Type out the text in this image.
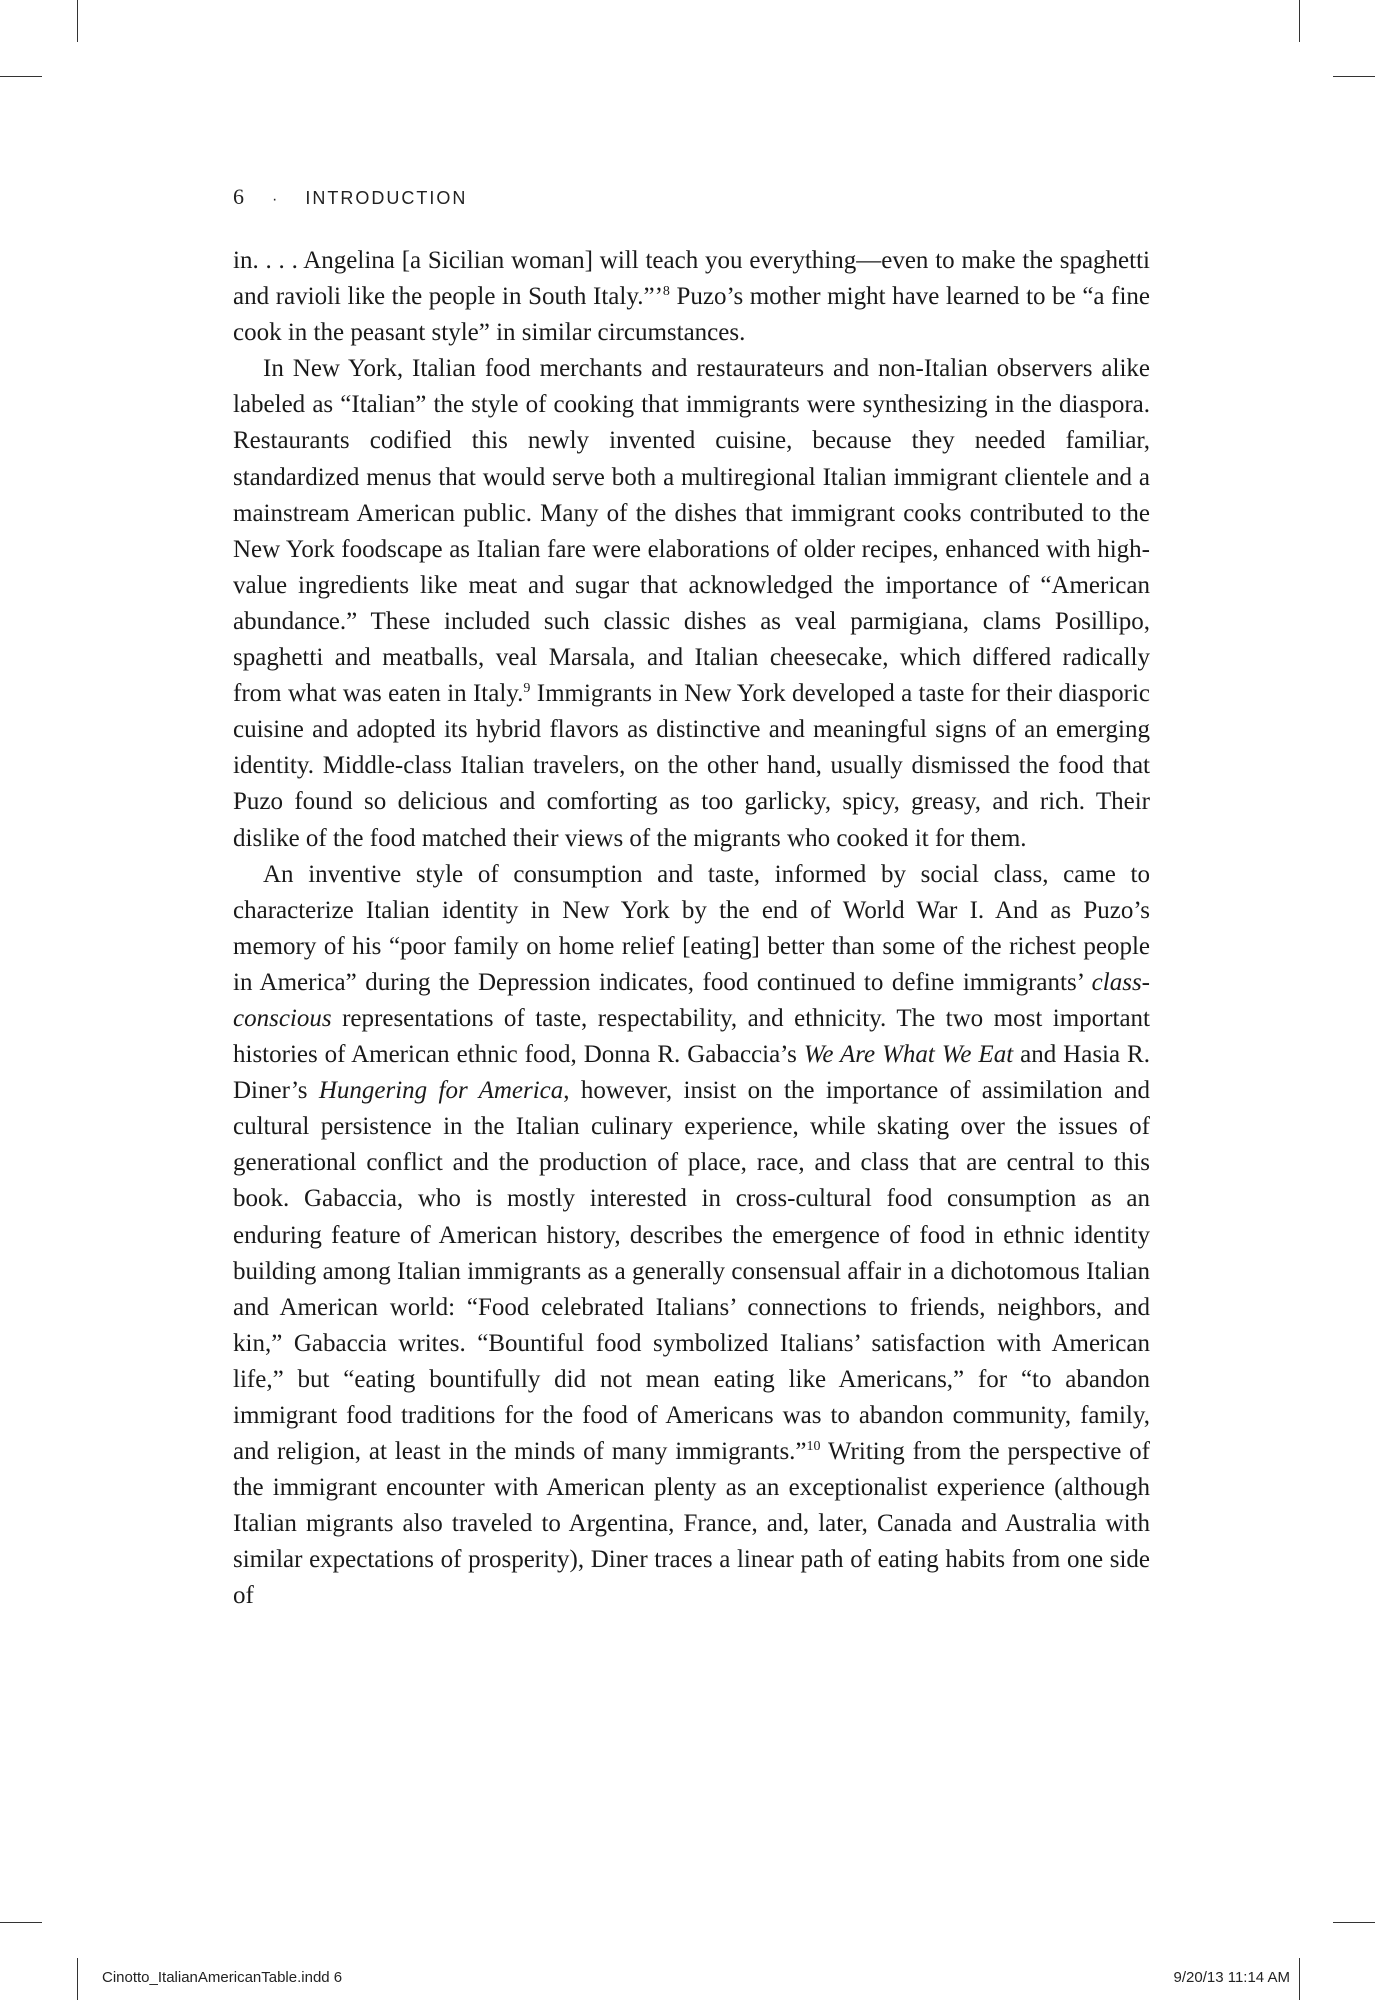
6 · INTRODUCTION

in. . . . Angelina [a Sicilian woman] will teach you everything—even to make the spaghetti and ravioli like the people in South Italy.”’$^8$ Puzo’s mother might have learned to be “a fine cook in the peasant style” in similar circumstances.

In New York, Italian food merchants and restaurateurs and non-Italian observers alike labeled as “Italian” the style of cooking that immigrants were synthesizing in the diaspora. Restaurants codified this newly invented cuisine, because they needed familiar, standardized menus that would serve both a multiregional Italian immigrant clientele and a mainstream American public. Many of the dishes that immigrant cooks contributed to the New York foodscape as Italian fare were elaborations of older recipes, enhanced with high-value ingredients like meat and sugar that acknowledged the importance of “American abundance.” These included such classic dishes as veal parmigiana, clams Posillipo, spaghetti and meatballs, veal Marsala, and Italian cheesecake, which differed radically from what was eaten in Italy.$^9$ Immigrants in New York developed a taste for their diasporic cuisine and adopted its hybrid flavors as distinctive and meaningful signs of an emerging identity. Middle-class Italian travelers, on the other hand, usually dismissed the food that Puzo found so delicious and comforting as too garlicky, spicy, greasy, and rich. Their dislike of the food matched their views of the migrants who cooked it for them.

An inventive style of consumption and taste, informed by social class, came to characterize Italian identity in New York by the end of World War I. And as Puzo’s memory of his “poor family on home relief [eating] better than some of the richest people in America” during the Depression indicates, food continued to define immigrants’ class-conscious representations of taste, respectability, and ethnicity. The two most important histories of American ethnic food, Donna R. Gabaccia’s We Are What We Eat and Hasia R. Diner’s Hungering for America, however, insist on the importance of assimilation and cultural persistence in the Italian culinary experience, while skating over the issues of generational conflict and the production of place, race, and class that are central to this book. Gabaccia, who is mostly interested in cross-cultural food consumption as an enduring feature of American history, describes the emergence of food in ethnic identity building among Italian immigrants as a generally consensual affair in a dichotomous Italian and American world: “Food celebrated Italians’ connections to friends, neighbors, and kin,” Gabaccia writes. “Bountiful food symbolized Italians’ satisfaction with American life,” but “eating bountifully did not mean eating like Americans,” for “to abandon immigrant food traditions for the food of Americans was to abandon community, family, and religion, at least in the minds of many immigrants.”$^{10}$ Writing from the perspective of the immigrant encounter with American plenty as an exceptionalist experience (although Italian migrants also traveled to Argentina, France, and, later, Canada and Australia with similar expectations of prosperity), Diner traces a linear path of eating habits from one side of

Cinotto_ItalianAmericanTable.indd 6	9/20/13 11:14 AM
